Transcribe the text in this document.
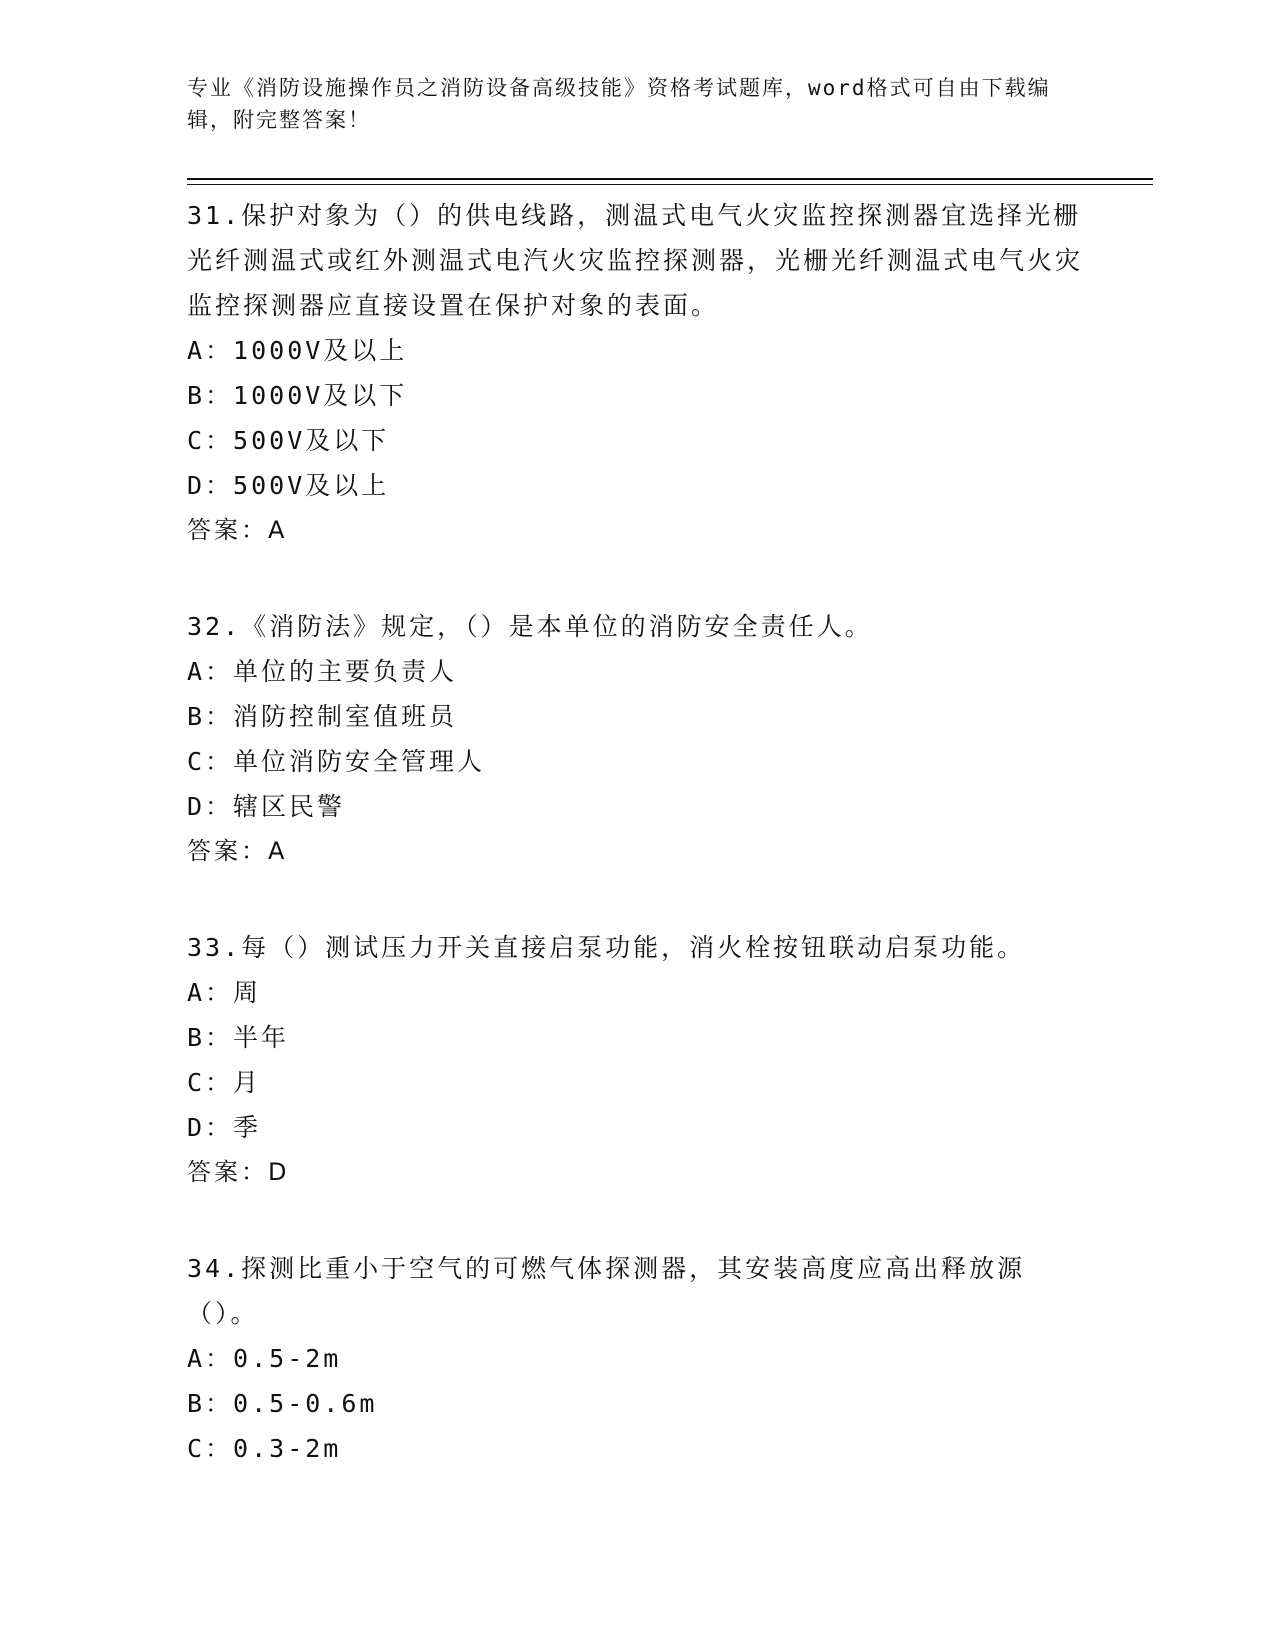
专业《消防设施操作员之消防设备高级技能》资格考试题库，word格式可自由下载编辑，附完整答案！

31.保护对象为（）的供电线路，测温式电气火灾监控探测器宜选择光栅光纤测温式或红外测温式电汽火灾监控探测器，光栅光纤测温式电气火灾监控探测器应直接设置在保护对象的表面。

A：1000V及以上

B：1000V及以下

C：500V及以下

D：500V及以上

答案：A

32.《消防法》规定，（）是本单位的消防安全责任人。

A：单位的主要负责人

B：消防控制室值班员

C：单位消防安全管理人

D：辖区民警

答案：A

33.每（）测试压力开关直接启泵功能，消火栓按钮联动启泵功能。

A：周

B：半年

C：月

D：季

答案：D

34.探测比重小于空气的可燃气体探测器，其安装高度应高出释放源（）。

A：0.5-2m

B：0.5-0.6m

C：0.3-2m
